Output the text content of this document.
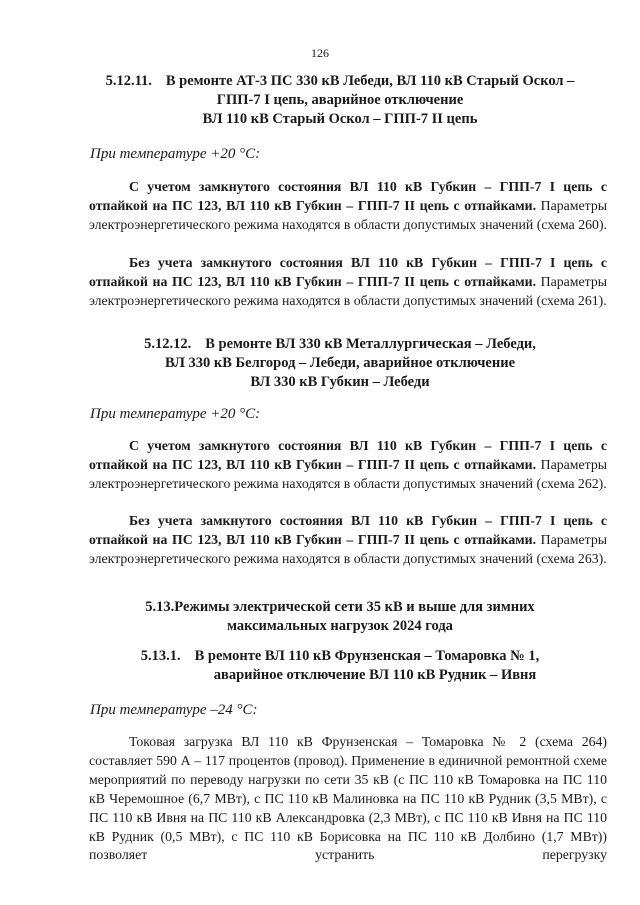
126
5.12.11. В ремонте АТ-3 ПС 330 кВ Лебеди, ВЛ 110 кВ Старый Оскол –
ГПП-7 I цепь, аварийное отключение
ВЛ 110 кВ Старый Оскол – ГПП-7 II цепь
При температуре +20 °С:
С учетом замкнутого состояния ВЛ 110 кВ Губкин – ГПП-7 I цепь с отпайкой на ПС 123, ВЛ 110 кВ Губкин – ГПП-7 II цепь с отпайками. Параметры электроэнергетического режима находятся в области допустимых значений (схема 260).
Без учета замкнутого состояния ВЛ 110 кВ Губкин – ГПП-7 I цепь с отпайкой на ПС 123, ВЛ 110 кВ Губкин – ГПП-7 II цепь с отпайками. Параметры электроэнергетического режима находятся в области допустимых значений (схема 261).
5.12.12. В ремонте ВЛ 330 кВ Металлургическая – Лебеди,
ВЛ 330 кВ Белгород – Лебеди, аварийное отключение
ВЛ 330 кВ Губкин – Лебеди
При температуре +20 °С:
С учетом замкнутого состояния ВЛ 110 кВ Губкин – ГПП-7 I цепь с отпайкой на ПС 123, ВЛ 110 кВ Губкин – ГПП-7 II цепь с отпайками. Параметры электроэнергетического режима находятся в области допустимых значений (схема 262).
Без учета замкнутого состояния ВЛ 110 кВ Губкин – ГПП-7 I цепь с отпайкой на ПС 123, ВЛ 110 кВ Губкин – ГПП-7 II цепь с отпайками. Параметры электроэнергетического режима находятся в области допустимых значений (схема 263).
5.13.Режимы электрической сети 35 кВ и выше для зимних
максимальных нагрузок 2024 года
5.13.1. В ремонте ВЛ 110 кВ Фрунзенская – Томаровка № 1,
аварийное отключение ВЛ 110 кВ Рудник – Ивня
При температуре –24 °С:
Токовая загрузка ВЛ 110 кВ Фрунзенская – Томаровка № 2 (схема 264) составляет 590 А – 117 процентов (провод). Применение в единичной ремонтной схеме мероприятий по переводу нагрузки по сети 35 кВ (с ПС 110 кВ Томаровка на ПС 110 кВ Черемошное (6,7 МВт), с ПС 110 кВ Малиновка на ПС 110 кВ Рудник (3,5 МВт), с ПС 110 кВ Ивня на ПС 110 кВ Александровка (2,3 МВт), с ПС 110 кВ Ивня на ПС 110 кВ Рудник (0,5 МВт), с ПС 110 кВ Борисовка на ПС 110 кВ Долбино (1,7 МВт)) позволяет устранить перегрузку
